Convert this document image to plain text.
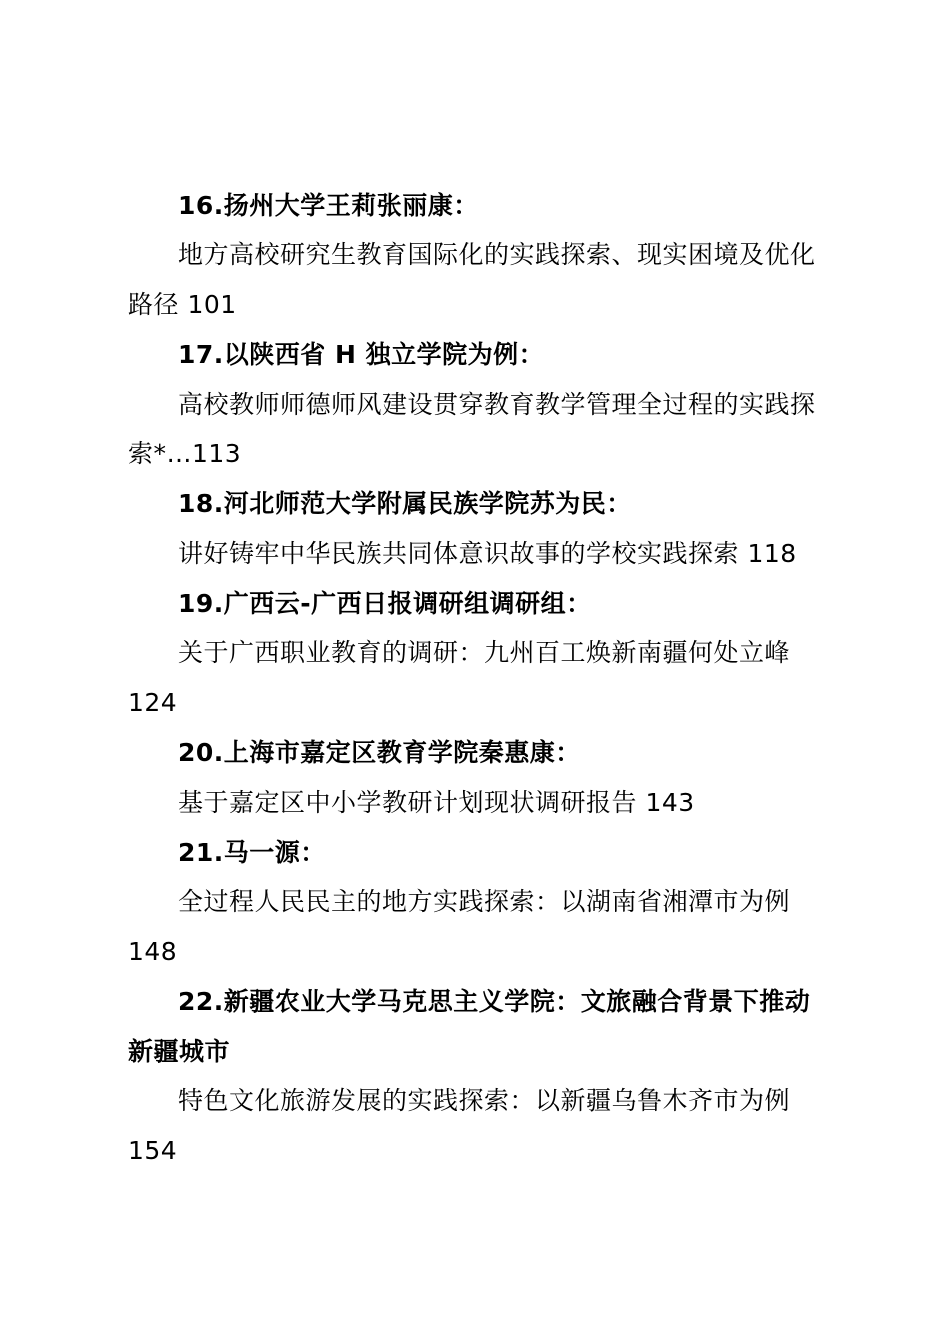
16.扬州大学王莉张丽康：
地方高校研究生教育国际化的实践探索、现实困境及优化
路径 101
17.以陕西省 H 独立学院为例：
高校教师师德师风建设贯穿教育教学管理全过程的实践探
索*…113
18.河北师范大学附属民族学院苏为民：
讲好铸牢中华民族共同体意识故事的学校实践探索 118
19.广西云-广西日报调研组调研组：
关于广西职业教育的调研：九州百工焕新南疆何处立峰
124
20.上海市嘉定区教育学院秦惠康：
基于嘉定区中小学教研计划现状调研报告 143
21.马一源：
全过程人民民主的地方实践探索：以湖南省湘潭市为例
148
22.新疆农业大学马克思主义学院：文旅融合背景下推动
新疆城市
特色文化旅游发展的实践探索：以新疆乌鲁木齐市为例
154
